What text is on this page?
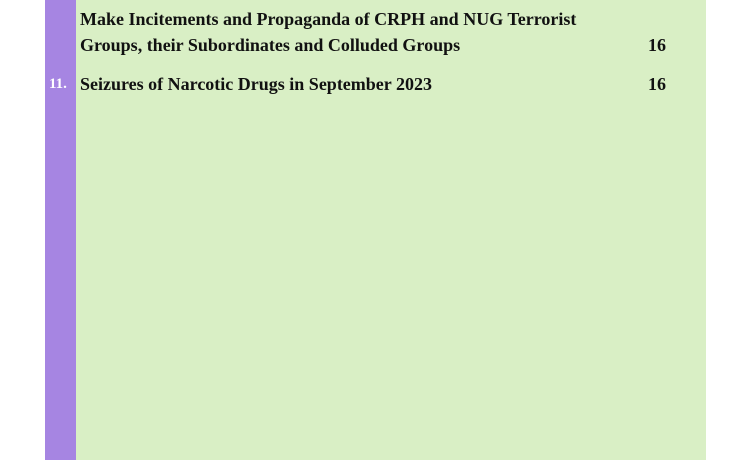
Make Incitements and Propaganda of CRPH and NUG Terrorist
Groups, their Subordinates and Colluded Groups	16
11. Seizures of Narcotic Drugs in September 2023	16
